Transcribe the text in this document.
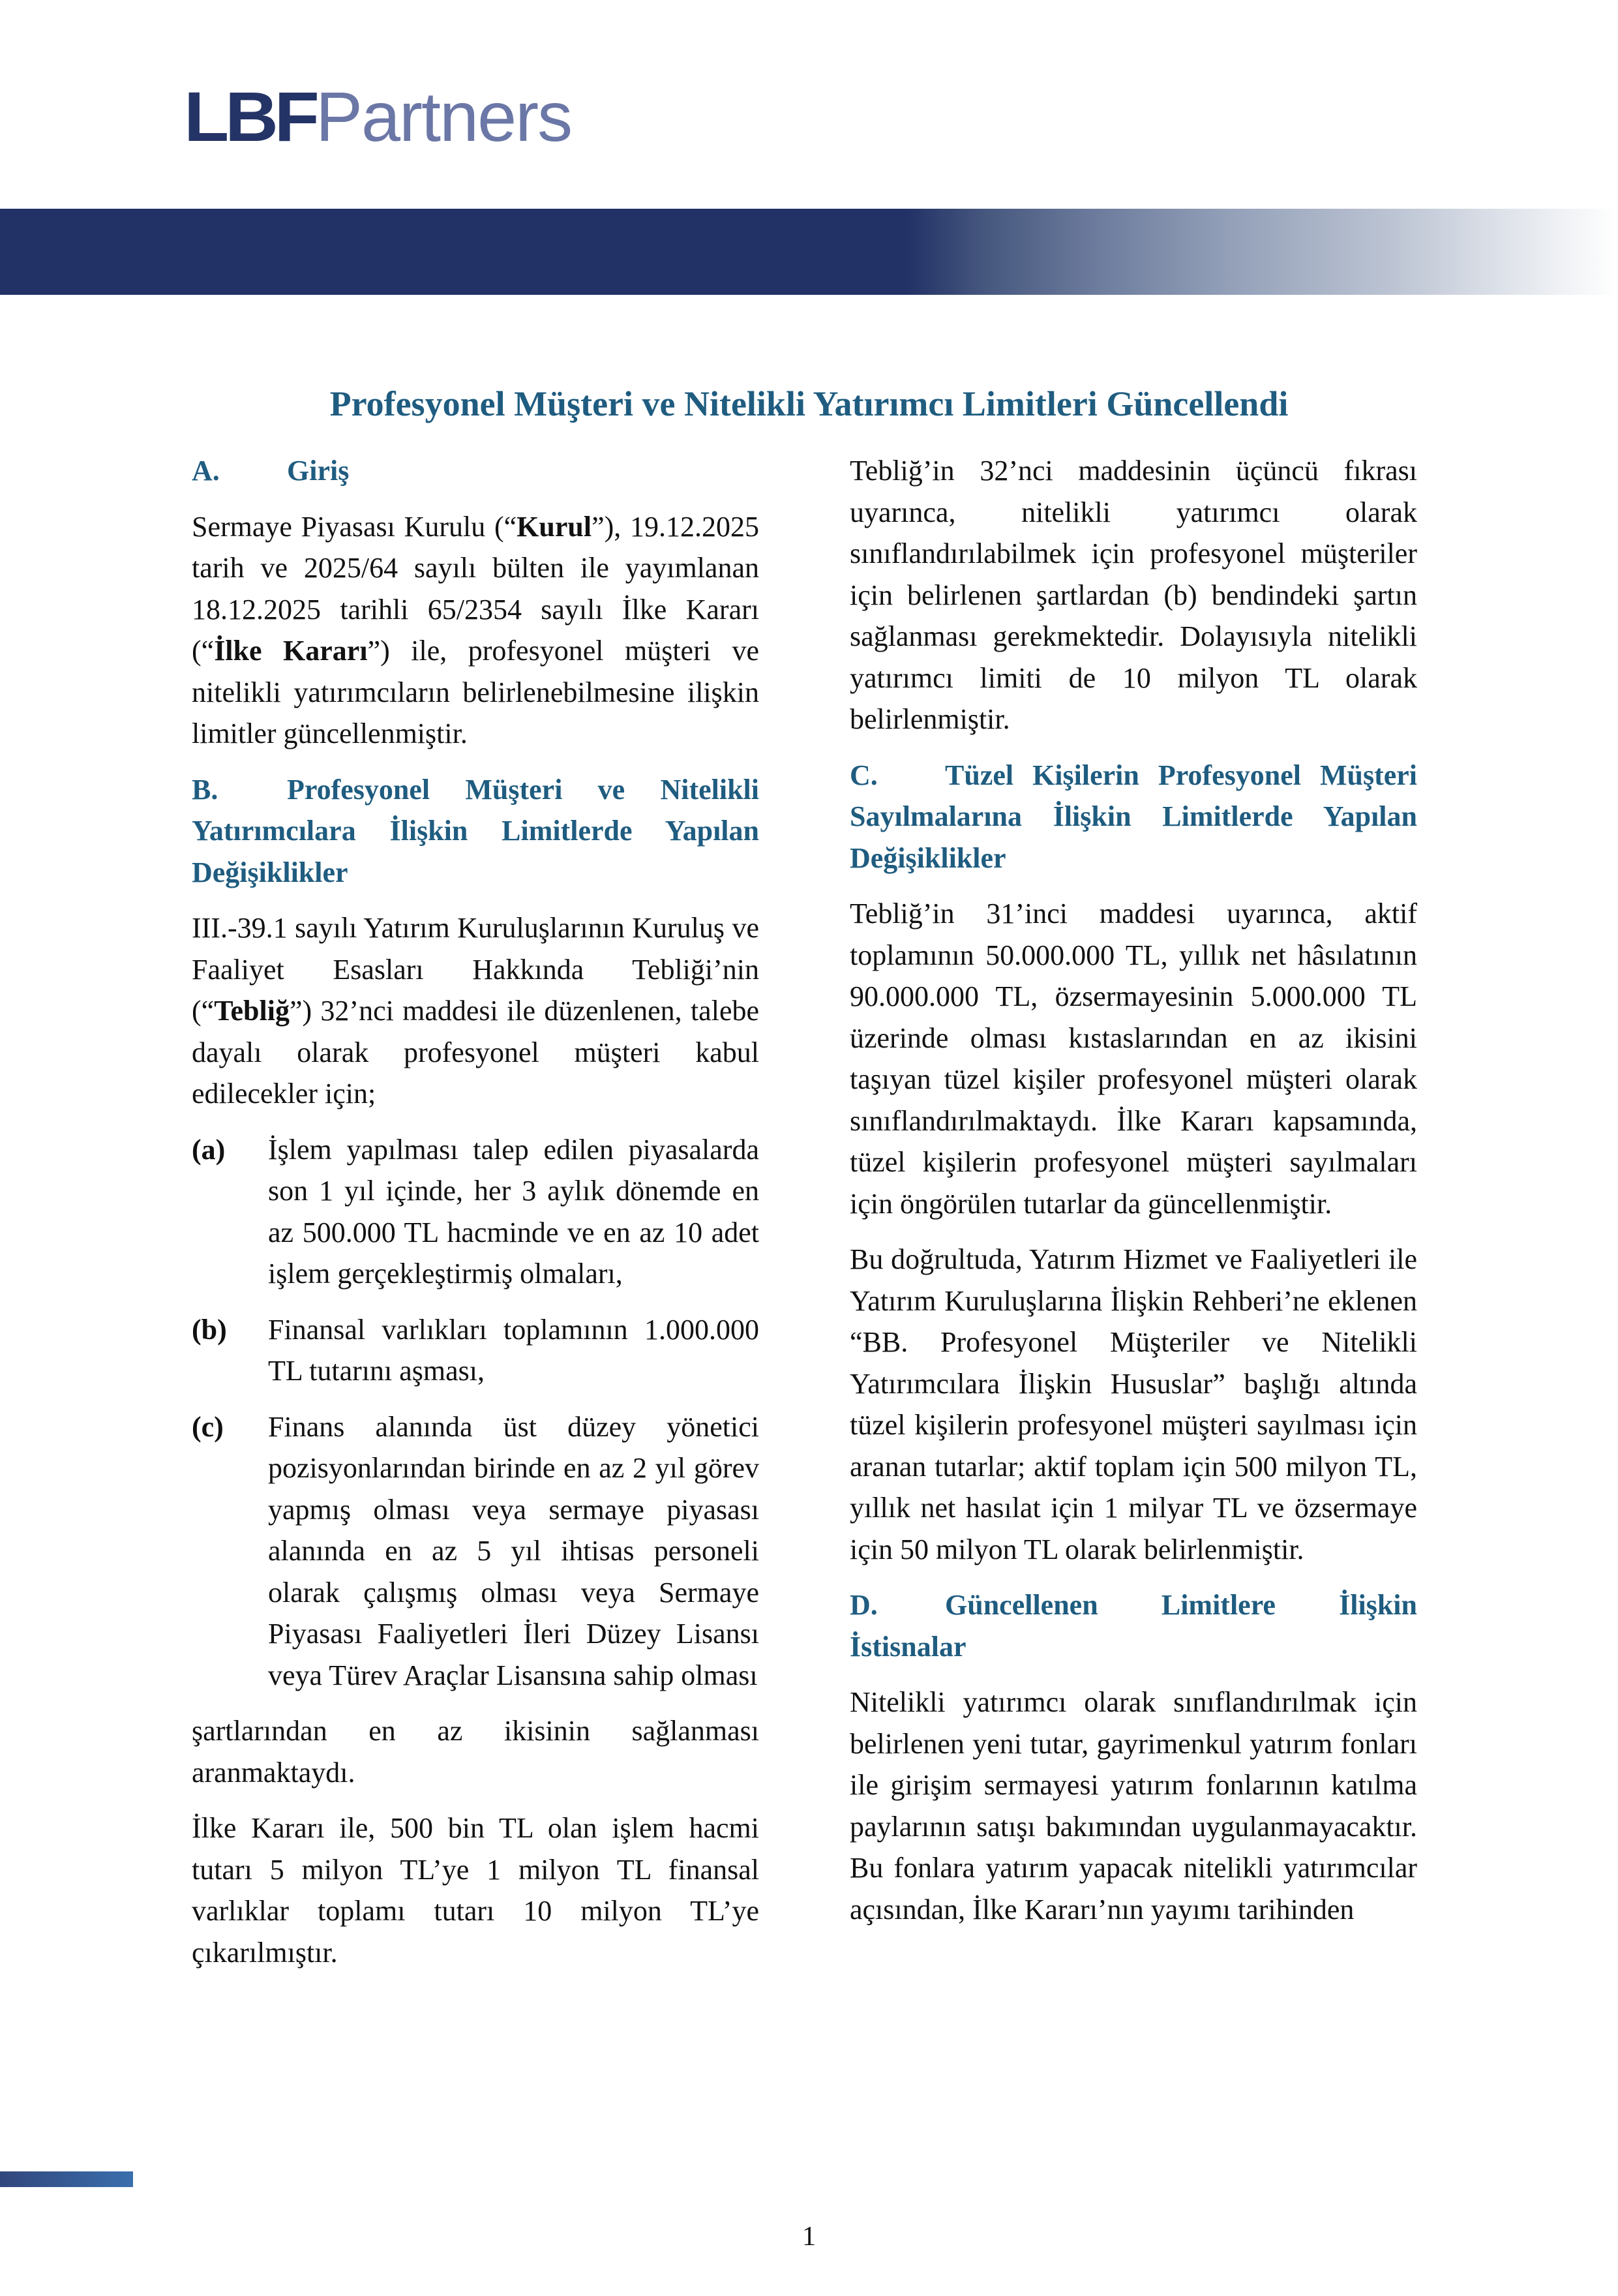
LBF Partners
Profesyonel Müşteri ve Nitelikli Yatırımcı Limitleri Güncellendi
A. Giriş

Sermaye Piyasası Kurulu (“Kurul”), 19.12.2025 tarih ve 2025/64 sayılı bülten ile yayımlanan 18.12.2025 tarihli 65/2354 sayılı İlke Kararı (“İlke Kararı”) ile, profesyonel müşteri ve nitelikli yatırımcıların belirlenebilmesine ilişkin limitler güncellenmiştir.

B. Profesyonel Müşteri ve Nitelikli Yatırımcılara İlişkin Limitlerde Yapılan Değişiklikler

III.-39.1 sayılı Yatırım Kuruluşlarının Kuruluş ve Faaliyet Esasları Hakkında Tebliği’nin (“Tebliğ”) 32’nci maddesi ile düzenlenen, talebe dayalı olarak profesyonel müşteri kabul edilecekler için;

(a)	İşlem yapılması talep edilen piyasalarda son 1 yıl içinde, her 3 aylık dönemde en az 500.000 TL hacminde ve en az 10 adet işlem gerçekleştirmiş olmaları,
(b)	Finansal varlıkları toplamının 1.000.000 TL tutarını aşması,
(c)	Finans alanında üst düzey yönetici pozisyonlarından birinde en az 2 yıl görev yapmış olması veya sermaye piyasası alanında en az 5 yıl ihtisas personeli olarak çalışmış olması veya Sermaye Piyasası Faaliyetleri İleri Düzey Lisansı veya Türev Araçlar Lisansına sahip olması

şartlarından en az ikisinin sağlanması aranmaktaydı.

İlke Kararı ile, 500 bin TL olan işlem hacmi tutarı 5 milyon TL’ye 1 milyon TL finansal varlıklar toplamı tutarı 10 milyon TL’ye çıkarılmıştır.

Tebliğ’in 32’nci maddesinin üçüncü fıkrası uyarınca, nitelikli yatırımcı olarak sınıflandırılabilmek için profesyonel müşteriler için belirlenen şartlardan (b) bendindeki şartın sağlanması gerekmektedir. Dolayısıyla nitelikli yatırımcı limiti de 10 milyon TL olarak belirlenmiştir.

C. Tüzel Kişilerin Profesyonel Müşteri Sayılmalarına İlişkin Limitlerde Yapılan Değişiklikler

Tebliğ’in 31’inci maddesi uyarınca, aktif toplamının 50.000.000 TL, yıllık net hâsılatının 90.000.000 TL, özsermayesinin 5.000.000 TL üzerinde olması kıstaslarından en az ikisini taşıyan tüzel kişiler profesyonel müşteri olarak sınıflandırılmaktaydı. İlke Kararı kapsamında, tüzel kişilerin profesyonel müşteri sayılmaları için öngörülen tutarlar da güncellenmiştir.

Bu doğrultuda, Yatırım Hizmet ve Faaliyetleri ile Yatırım Kuruluşlarına İlişkin Rehberi’ne eklenen “BB. Profesyonel Müşteriler ve Nitelikli Yatırımcılara İlişkin Hususlar” başlığı altında tüzel kişilerin profesyonel müşteri sayılması için aranan tutarlar; aktif toplam için 500 milyon TL, yıllık net hasılat için 1 milyar TL ve özsermaye için 50 milyon TL olarak belirlenmiştir.

D. Güncellenen Limitlere İlişkin İstisnalar

Nitelikli yatırımcı olarak sınıflandırılmak için belirlenen yeni tutar, gayrimenkul yatırım fonları ile girişim sermayesi yatırım fonlarının katılma paylarının satışı bakımından uygulanmayacaktır. Bu fonlara yatırım yapacak nitelikli yatırımcılar açısından, İlke Kararı’nın yayımı tarihinden

1
